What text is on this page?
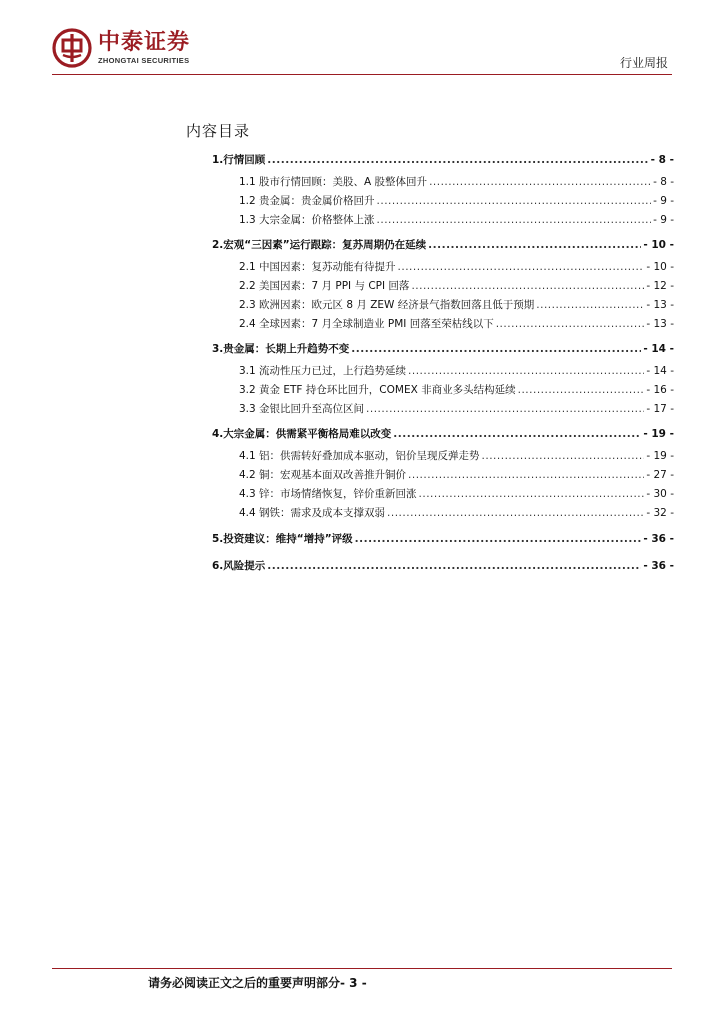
中泰证券
ZHONGTAI SECURITIES	行业周报
内容目录
1.行情回顾 .....	- 8 -
1.1 股市行情回顾：美股、A 股整体回升 .....	- 8 -
1.2 贵金属：贵金属价格回升 .....	- 9 -
1.3 大宗金属：价格整体上涨 .....	- 9 -
2.宏观“三因素”运行跟踪：复苏周期仍在延续 .....	- 10 -
2.1 中国因素：复苏动能有待提升 .....	- 10 -
2.2 美国因素：7 月 PPI 与 CPI 回落 .....	- 12 -
2.3 欧洲因素：欧元区 8 月 ZEW 经济景气指数回落且低于预期 .....	- 13 -
2.4 全球因素：7 月全球制造业 PMI 回落至荣枯线以下 .....	- 13 -
3.贵金属：长期上升趋势不变 .....	- 14 -
3.1 流动性压力已过，上行趋势延续 .....	- 14 -
3.2 黄金 ETF 持仓环比回升，COMEX 非商业多头结构延续 .....	- 16 -
3.3 金银比回升至高位区间 .....	- 17 -
4.大宗金属：供需紧平衡格局难以改变 .....	- 19 -
4.1 铝：供需转好叠加成本驱动，铝价呈现反弹走势 .....	- 19 -
4.2 铜：宏观基本面双改善推升铜价 .....	- 27 -
4.3 锌：市场情绪恢复，锌价重新回涨 .....	- 30 -
4.4 钢铁：需求及成本支撑双弱 .....	- 32 -
5.投资建议：维持“增持”评级 .....	- 36 -
6.风险提示 .....	- 36 -
请务必阅读正文之后的重要声明部分- 3 -
